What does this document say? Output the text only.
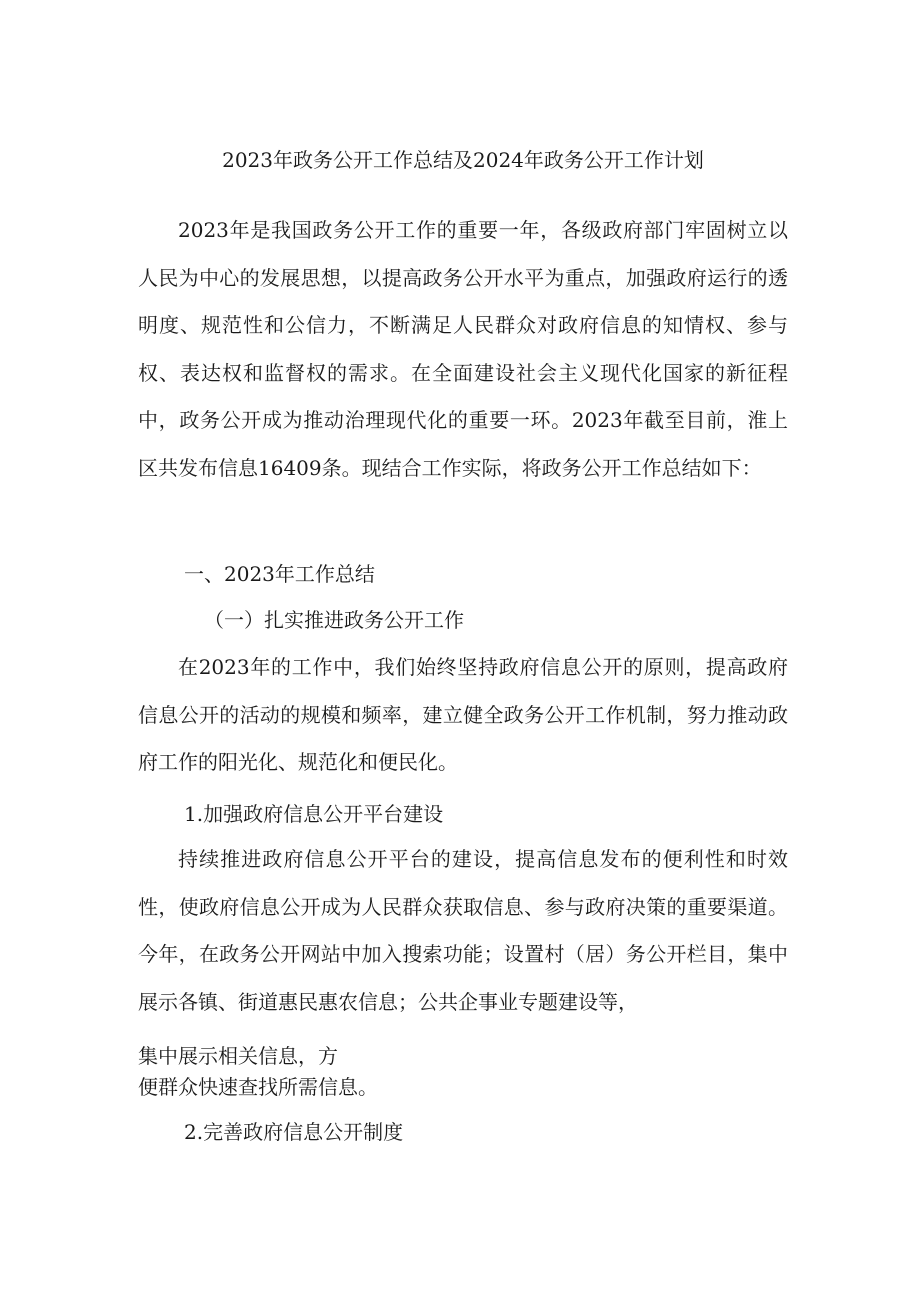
2023年政务公开工作总结及2024年政务公开工作计划
2023年是我国政务公开工作的重要一年，各级政府部门牢固树立以人民为中心的发展思想，以提高政务公开水平为重点，加强政府运行的透明度、规范性和公信力，不断满足人民群众对政府信息的知情权、参与权、表达权和监督权的需求。在全面建设社会主义现代化国家的新征程中，政务公开成为推动治理现代化的重要一环。2023年截至目前，淮上区共发布信息16409条。现结合工作实际，将政务公开工作总结如下：
一、2023年工作总结
（一）扎实推进政务公开工作
在2023年的工作中，我们始终坚持政府信息公开的原则，提高政府信息公开的活动的规模和频率，建立健全政务公开工作机制，努力推动政府工作的阳光化、规范化和便民化。
1.加强政府信息公开平台建设
持续推进政府信息公开平台的建设，提高信息发布的便利性和时效性，使政府信息公开成为人民群众获取信息、参与政府决策的重要渠道。今年，在政务公开网站中加入搜索功能；设置村（居）务公开栏目，集中展示各镇、街道惠民惠农信息；公共企事业专题建设等，
集中展示相关信息，方
便群众快速查找所需信息。
2.完善政府信息公开制度
